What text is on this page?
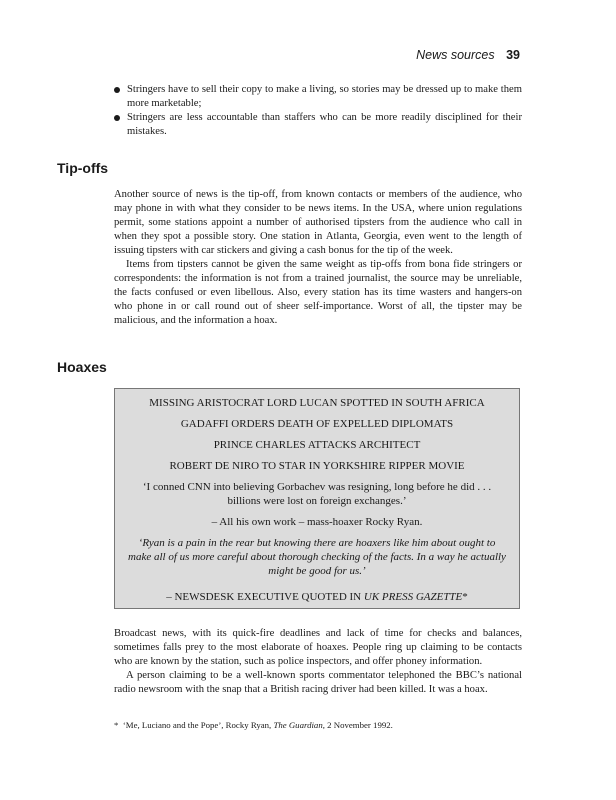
News sources 39
Stringers have to sell their copy to make a living, so stories may be dressed up to make them more marketable;
Stringers are less accountable than staffers who can be more readily disciplined for their mistakes.
Tip-offs

Another source of news is the tip-off, from known contacts or members of the audience, who may phone in with what they consider to be news items. In the USA, where union regulations permit, some stations appoint a number of authorised tipsters from the audience who call in when they spot a possible story. One station in Atlanta, Georgia, even went to the length of issuing tipsters with car stickers and giving a cash bonus for the tip of the week.

Items from tipsters cannot be given the same weight as tip-offs from bona fide stringers or correspondents: the information is not from a trained journalist, the source may be unreliable, the facts confused or even libellous. Also, every station has its time wasters and hangers-on who phone in or call round out of sheer self-importance. Worst of all, the tipster may be malicious, and the information a hoax.

Hoaxes

MISSING ARISTOCRAT LORD LUCAN SPOTTED IN SOUTH AFRICA

GADAFFI ORDERS DEATH OF EXPELLED DIPLOMATS

PRINCE CHARLES ATTACKS ARCHITECT

ROBERT DE NIRO TO STAR IN YORKSHIRE RIPPER MOVIE

‘I conned CNN into believing Gorbachev was resigning, long before he did . . . billions were lost on foreign exchanges.’

– All his own work – mass-hoaxer Rocky Ryan.

‘Ryan is a pain in the rear but knowing there are hoaxers like him about ought to make all of us more careful about thorough checking of the facts. In a way he actually might be good for us.’

– NEWSDESK EXECUTIVE QUOTED IN UK PRESS GAZETTE*

Broadcast news, with its quick-fire deadlines and lack of time for checks and balances, sometimes falls prey to the most elaborate of hoaxes. People ring up claiming to be contacts who are known by the station, such as police inspectors, and offer phoney information.

A person claiming to be a well-known sports commentator telephoned the BBC’s national radio newsroom with the snap that a British racing driver had been killed. It was a hoax.

* ‘Me, Luciano and the Pope’, Rocky Ryan, The Guardian, 2 November 1992.
